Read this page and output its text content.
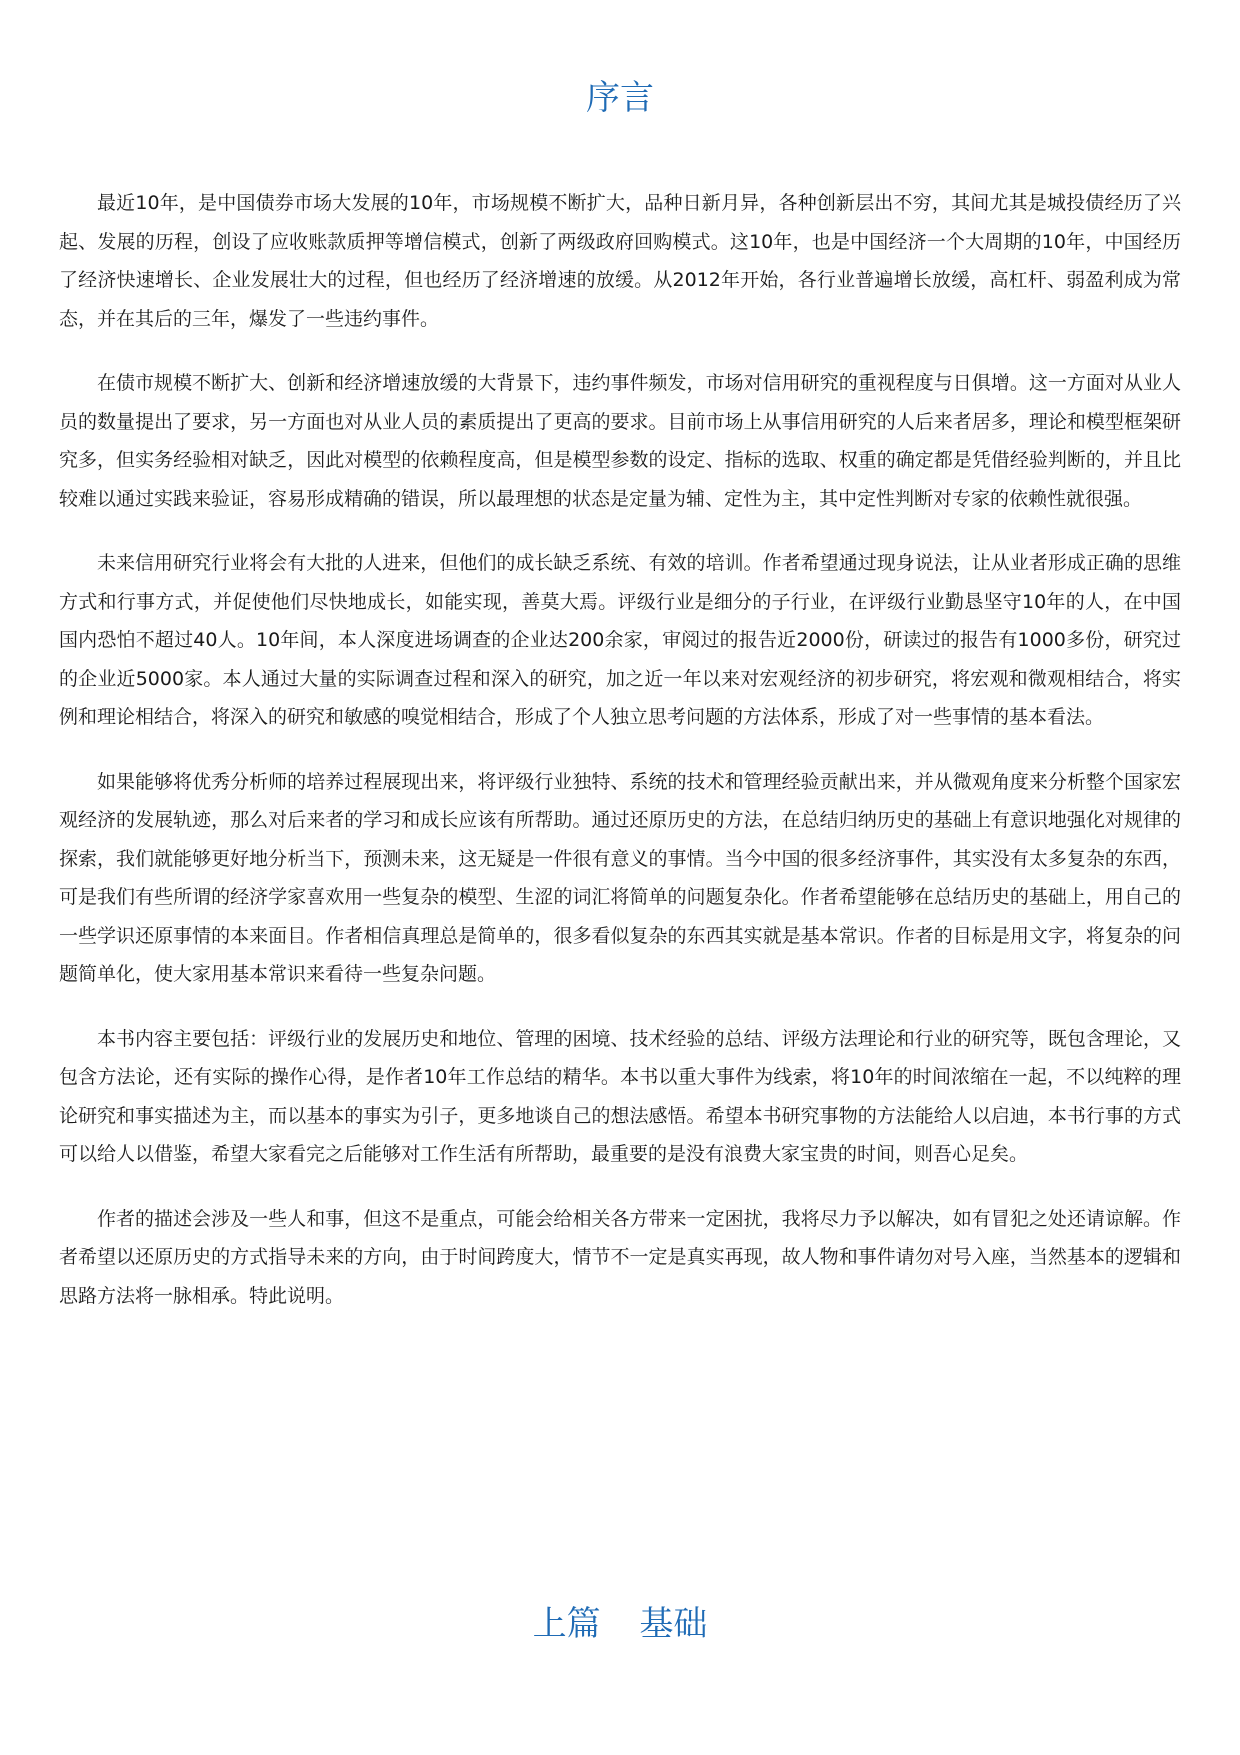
序言

最近10年，是中国债券市场大发展的10年，市场规模不断扩大，品种日新月异，各种创新层出不穷，其间尤其是城投债经历了兴起、发展的历程，创设了应收账款质押等增信模式，创新了两级政府回购模式。这10年，也是中国经济一个大周期的10年，中国经历了经济快速增长、企业发展壮大的过程，但也经历了经济增速的放缓。从2012年开始，各行业普遍增长放缓，高杠杆、弱盈利成为常态，并在其后的三年，爆发了一些违约事件。

在债市规模不断扩大、创新和经济增速放缓的大背景下，违约事件频发，市场对信用研究的重视程度与日俱增。这一方面对从业人员的数量提出了要求，另一方面也对从业人员的素质提出了更高的要求。目前市场上从事信用研究的人后来者居多，理论和模型框架研究多，但实务经验相对缺乏，因此对模型的依赖程度高，但是模型参数的设定、指标的选取、权重的确定都是凭借经验判断的，并且比较难以通过实践来验证，容易形成精确的错误，所以最理想的状态是定量为辅、定性为主，其中定性判断对专家的依赖性就很强。

未来信用研究行业将会有大批的人进来，但他们的成长缺乏系统、有效的培训。作者希望通过现身说法，让从业者形成正确的思维方式和行事方式，并促使他们尽快地成长，如能实现，善莫大焉。评级行业是细分的子行业，在评级行业勤恳坚守10年的人，在中国国内恐怕不超过40人。10年间，本人深度进场调查的企业达200余家，审阅过的报告近2000份，研读过的报告有1000多份，研究过的企业近5000家。本人通过大量的实际调查过程和深入的研究，加之近一年以来对宏观经济的初步研究，将宏观和微观相结合，将实例和理论相结合，将深入的研究和敏感的嗅觉相结合，形成了个人独立思考问题的方法体系，形成了对一些事情的基本看法。

如果能够将优秀分析师的培养过程展现出来，将评级行业独特、系统的技术和管理经验贡献出来，并从微观角度来分析整个国家宏观经济的发展轨迹，那么对后来者的学习和成长应该有所帮助。通过还原历史的方法，在总结归纳历史的基础上有意识地强化对规律的探索，我们就能够更好地分析当下，预测未来，这无疑是一件很有意义的事情。当今中国的很多经济事件，其实没有太多复杂的东西，可是我们有些所谓的经济学家喜欢用一些复杂的模型、生涩的词汇将简单的问题复杂化。作者希望能够在总结历史的基础上，用自己的一些学识还原事情的本来面目。作者相信真理总是简单的，很多看似复杂的东西其实就是基本常识。作者的目标是用文字，将复杂的问题简单化，使大家用基本常识来看待一些复杂问题。

本书内容主要包括：评级行业的发展历史和地位、管理的困境、技术经验的总结、评级方法理论和行业的研究等，既包含理论，又包含方法论，还有实际的操作心得，是作者10年工作总结的精华。本书以重大事件为线索，将10年的时间浓缩在一起，不以纯粹的理论研究和事实描述为主，而以基本的事实为引子，更多地谈自己的想法感悟。希望本书研究事物的方法能给人以启迪，本书行事的方式可以给人以借鉴，希望大家看完之后能够对工作生活有所帮助，最重要的是没有浪费大家宝贵的时间，则吾心足矣。

作者的描述会涉及一些人和事，但这不是重点，可能会给相关各方带来一定困扰，我将尽力予以解决，如有冒犯之处还请谅解。作者希望以还原历史的方式指导未来的方向，由于时间跨度大，情节不一定是真实再现，故人物和事件请勿对号入座，当然基本的逻辑和思路方法将一脉相承。特此说明。

上篇 基础
